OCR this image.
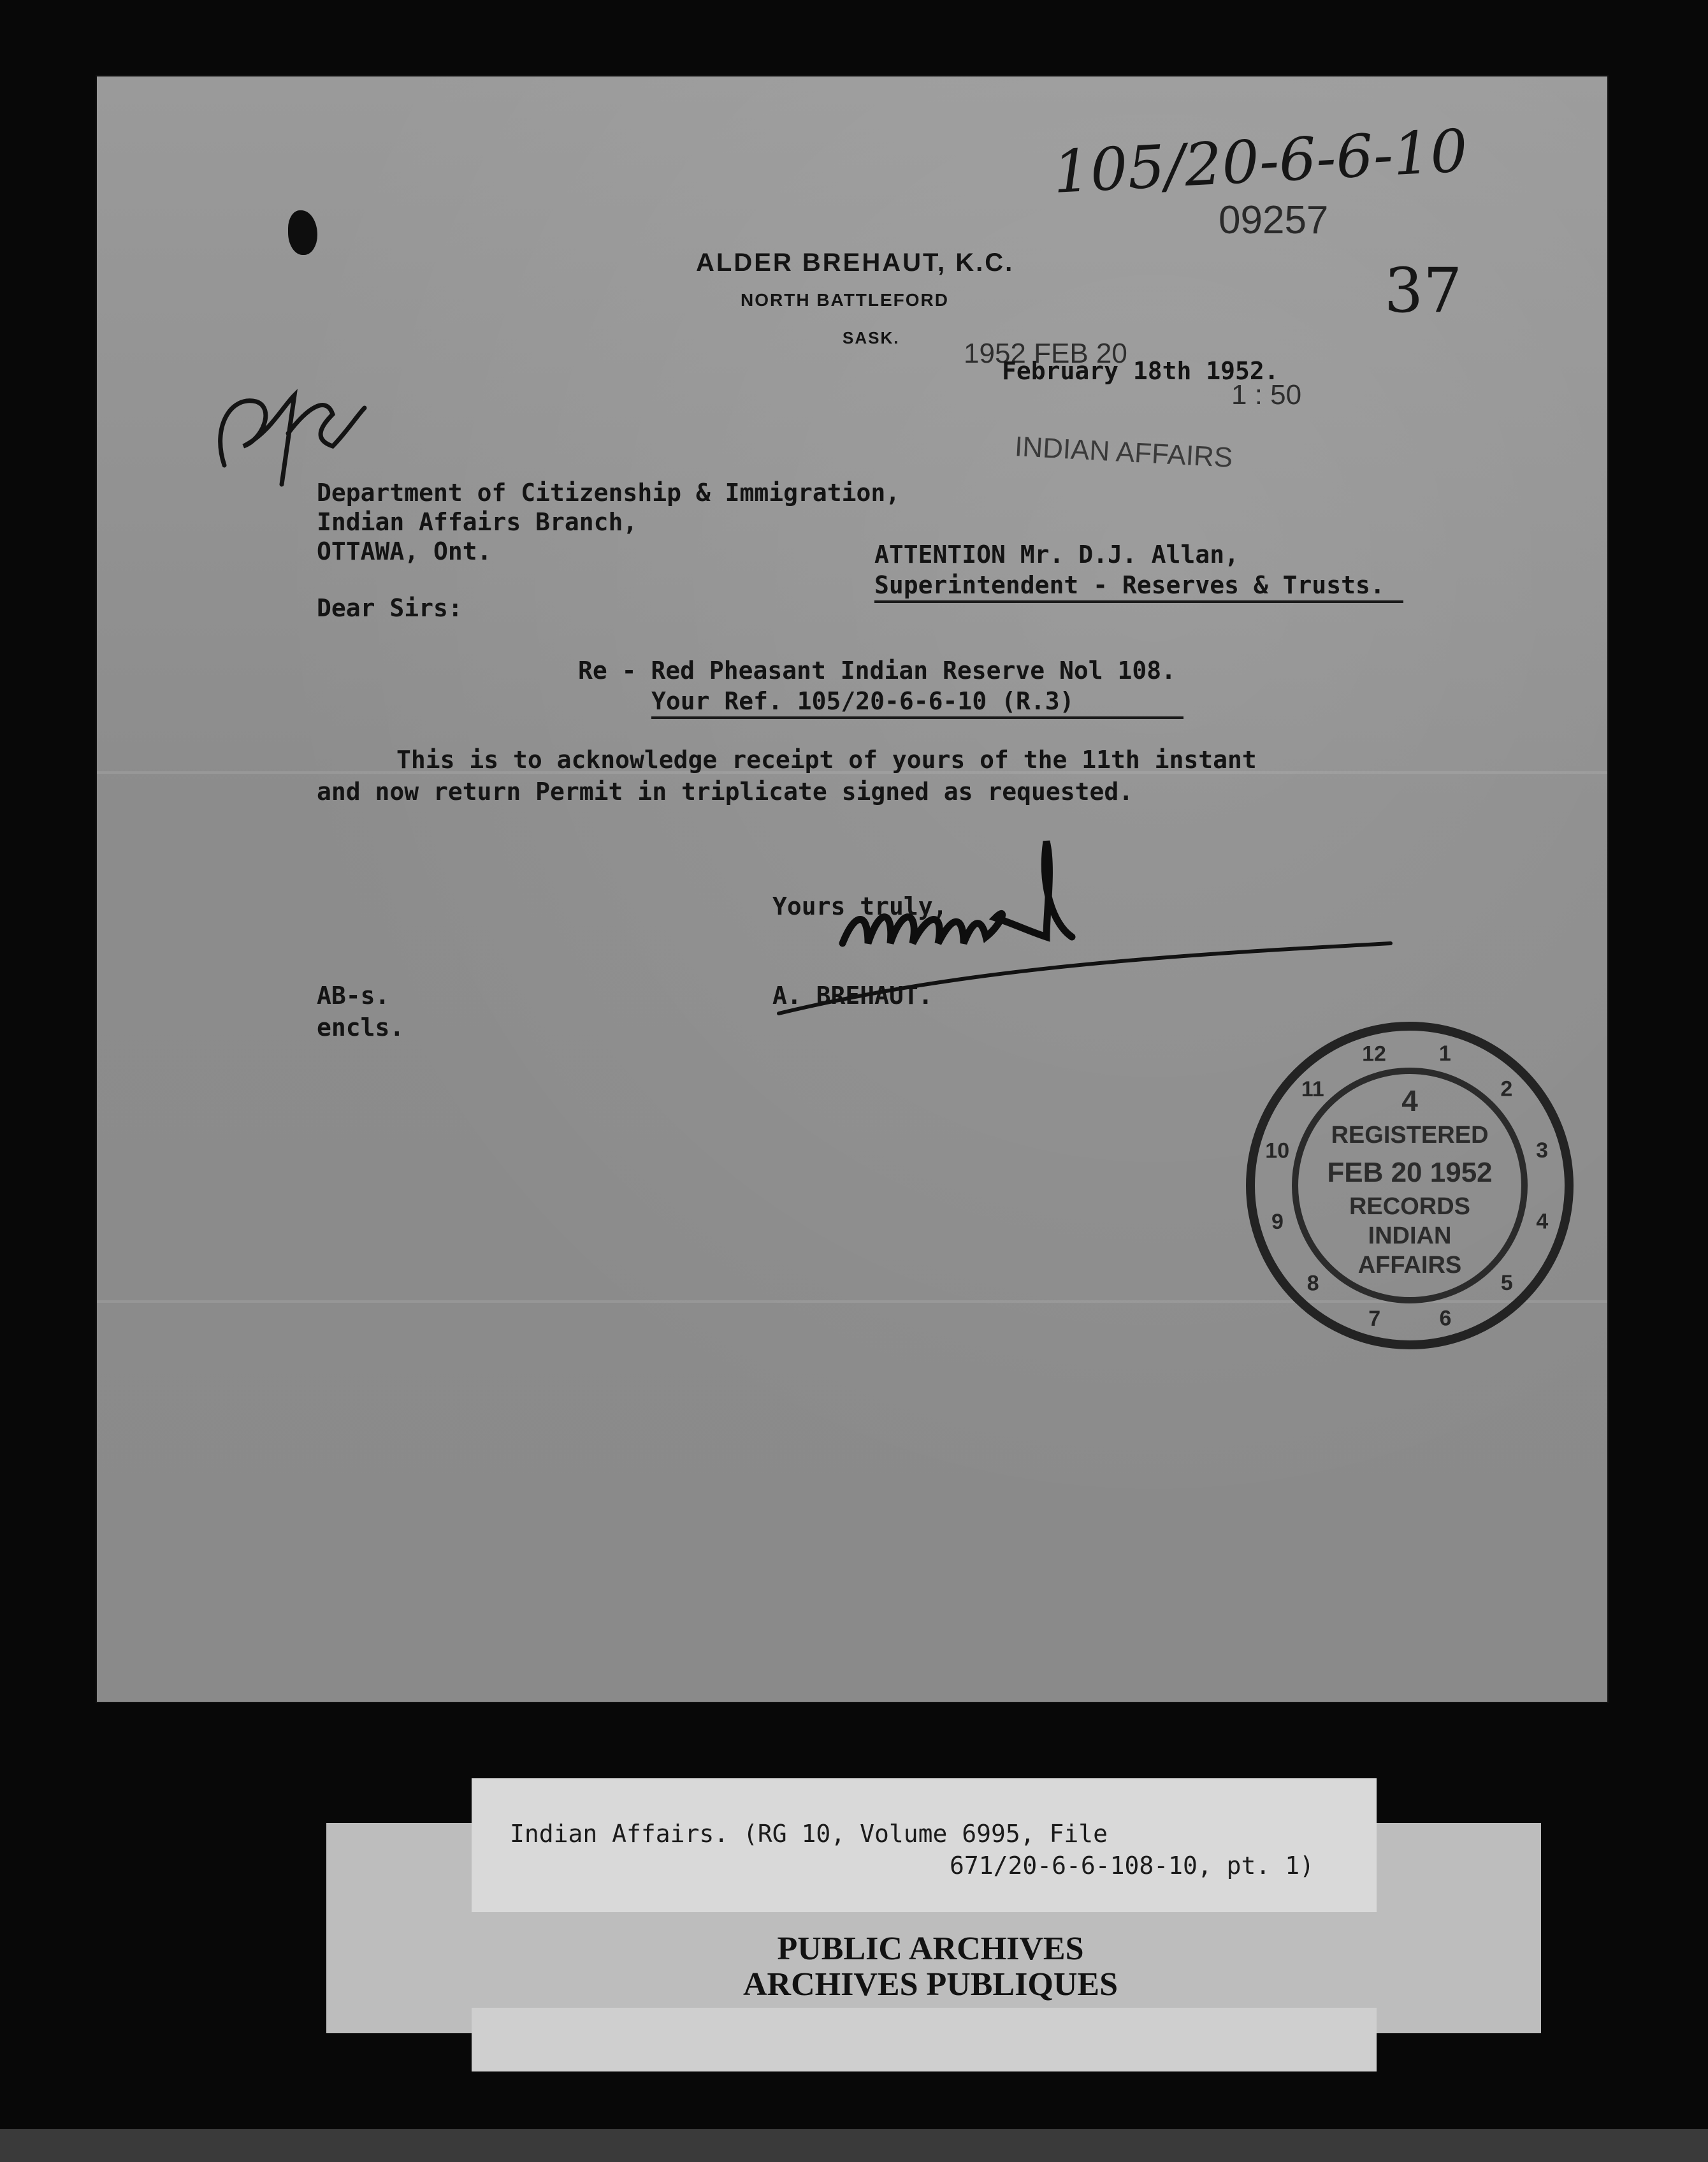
105/20-6-6-10
09257
37
ALDER BREHAUT, K.C.
NORTH BATTLEFORD
SASK. 1952 FEB 20
February 18th 1952.
1 : 50
INDIAN AFFAIRS
Department of Citizenship & Immigration,
Indian Affairs Branch,
OTTAWA, Ont.	ATTENTION Mr. D.J. Allan,
Superintendent - Reserves & Trusts.
Dear Sirs:
Re - Red Pheasant Indian Reserve Nol 108.
Your Ref. 105/20-6-6-10 (R.3)
This is to acknowledge receipt of yours of the 11th instant
and now return Permit in triplicate signed as requested.
Yours truly,
A. BREHAUT.
AB-s.
encls.
1
2
3
4
5
6
7
8
9
10
11
12
4
REGISTERED
FEB 20 1952
RECORDS
INDIAN
AFFAIRS
Indian Affairs. (RG 10, Volume 6995, File
671/20-6-6-108-10, pt. 1)
PUBLIC ARCHIVES
ARCHIVES PUBLIQUES
